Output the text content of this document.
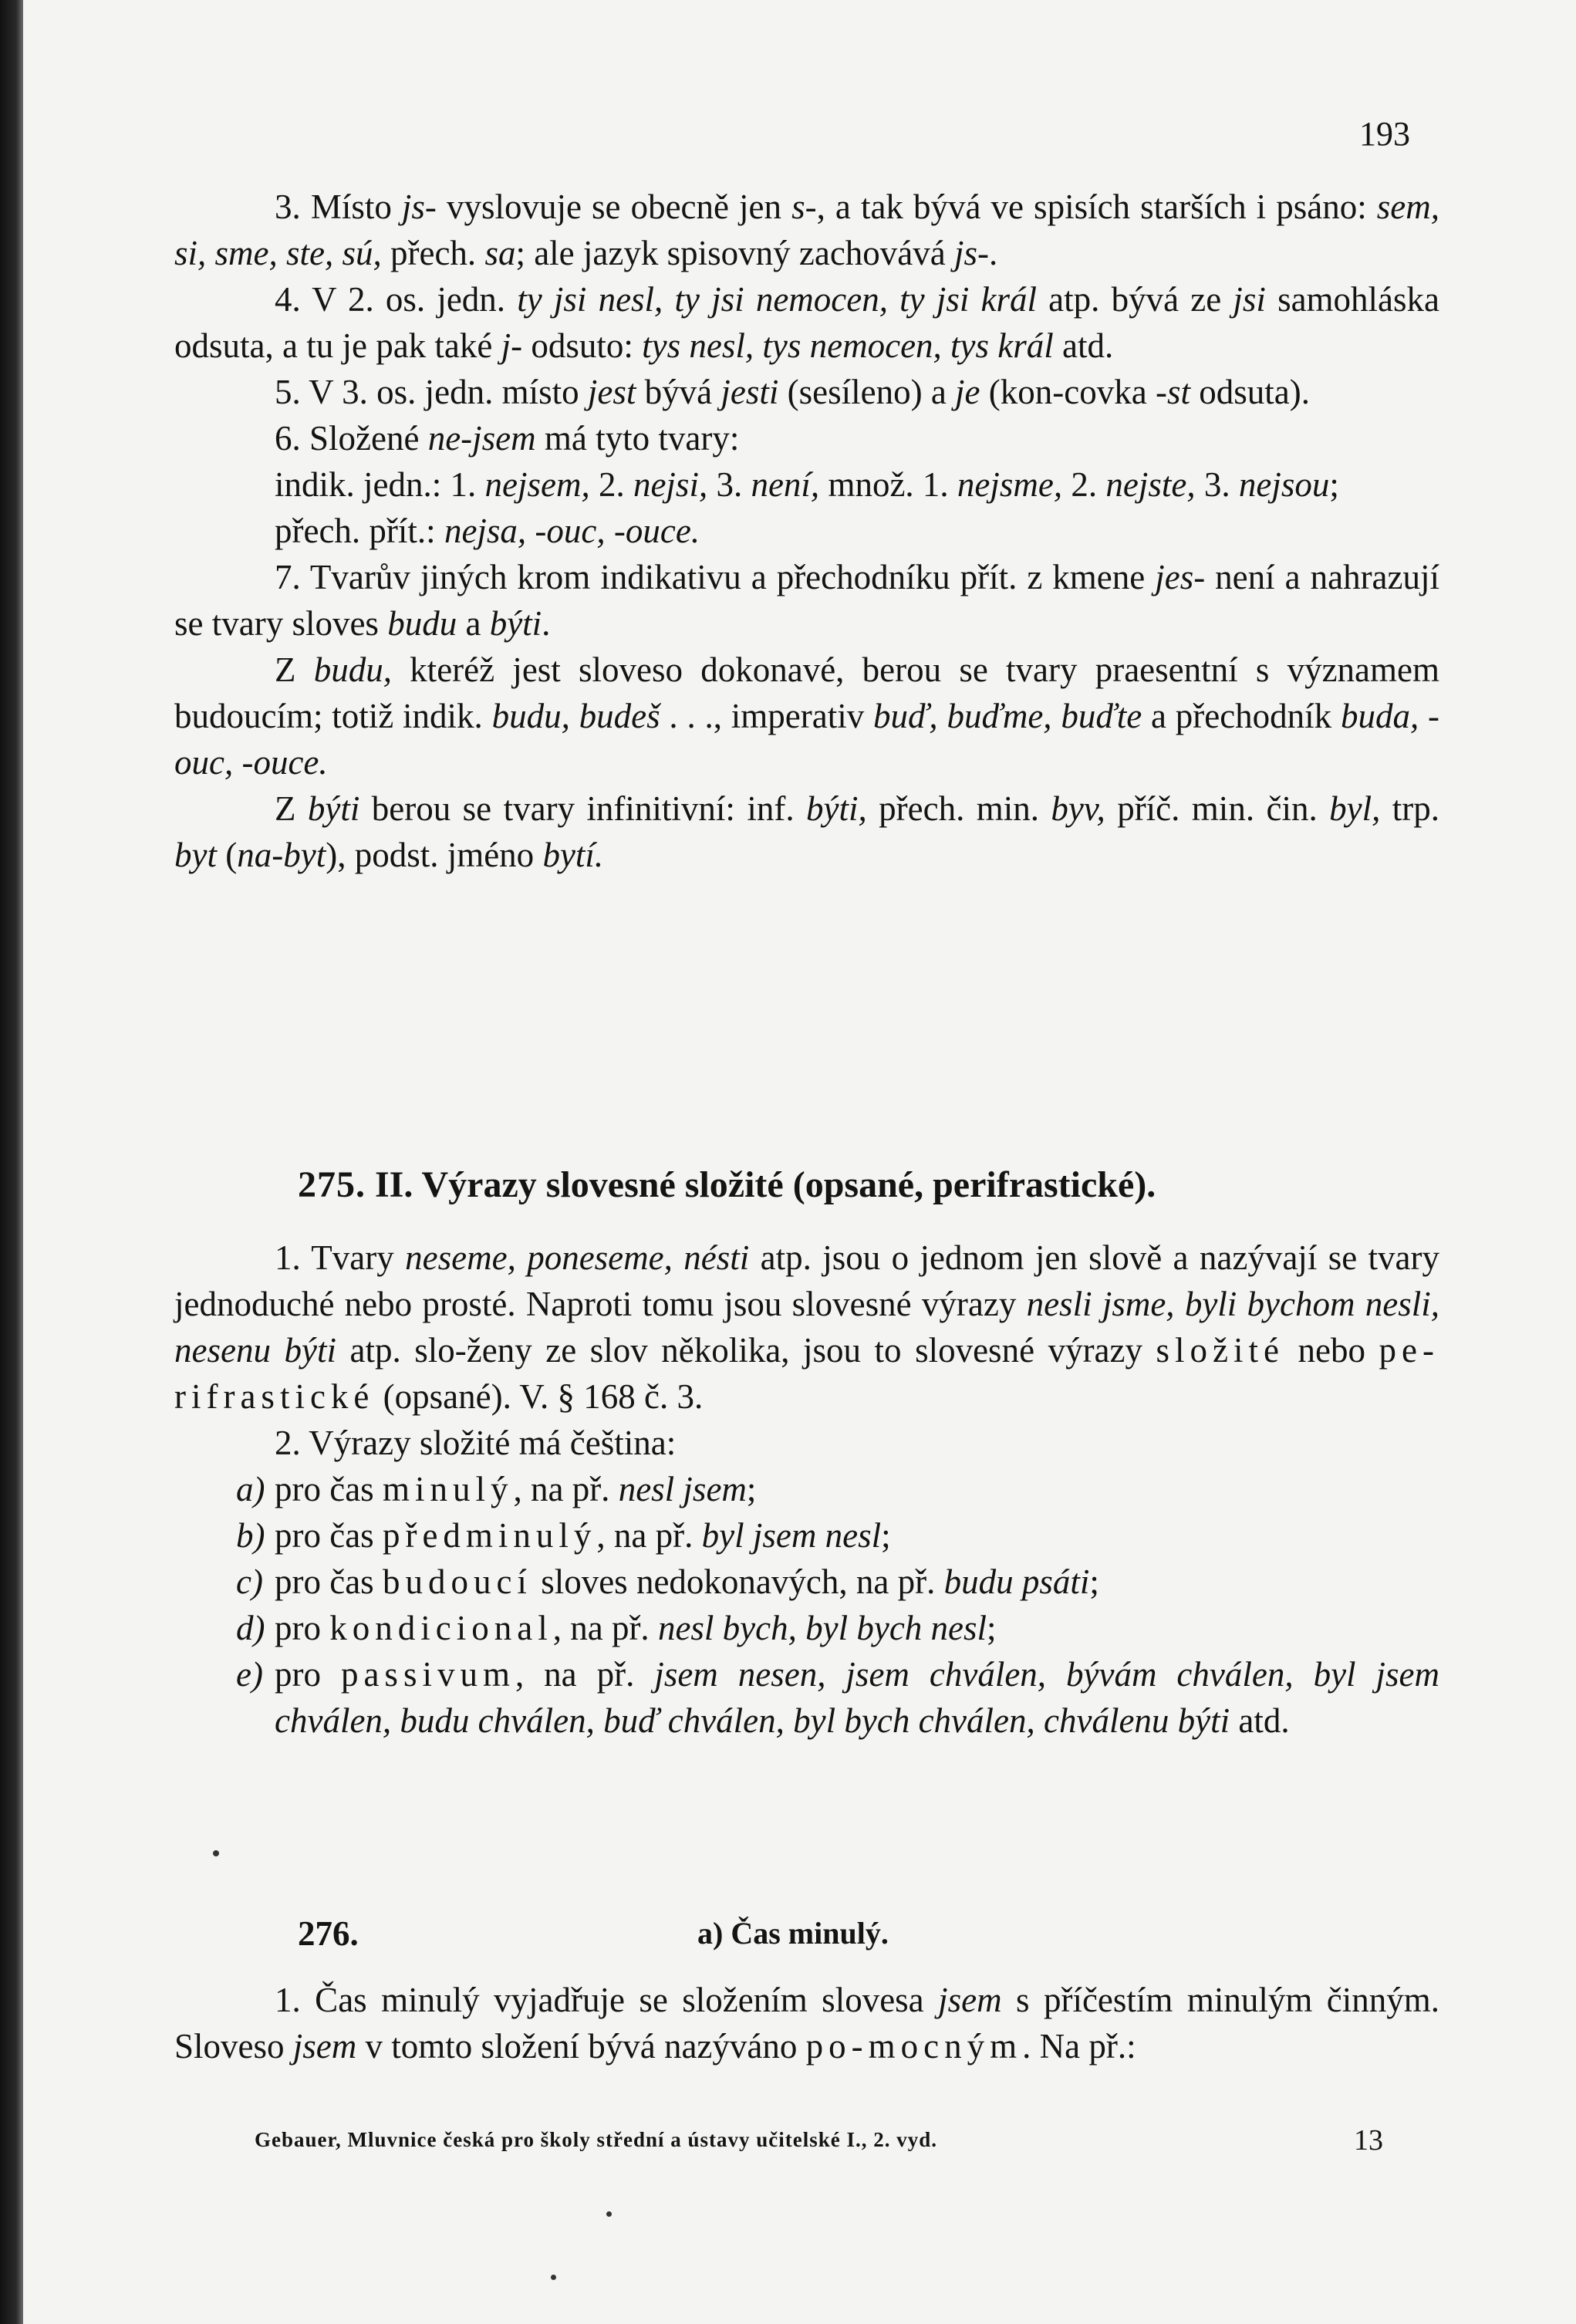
193

3. Místo js- vyslovuje se obecně jen s-, a tak bývá ve spisích starších i psáno: sem, si, sme, ste, sú, přech. sa; ale jazyk spisovný zachovává js-.

4. V 2. os. jedn. ty jsi nesl, ty jsi nemocen, ty jsi král atp. bývá ze jsi samohláska odsuta, a tu je pak také j- odsuto: tys nesl, tys nemocen, tys král atd.

5. V 3. os. jedn. místo jest bývá jesti (sesíleno) a je (kon-covka -st odsuta).

6. Složené ne-jsem má tyto tvary:

indik. jedn.: 1. nejsem, 2. nejsi, 3. není, množ. 1. nejsme, 2. nejste, 3. nejsou;

přech. přít.: nejsa, -ouc, -ouce.

7. Tvarův jiných krom indikativu a přechodníku přít. z kmene jes- není a nahrazují se tvary sloves budu a býti.

Z budu, kteréž jest sloveso dokonavé, berou se tvary praesentní s významem budoucím; totiž indik. budu, budeš . . ., imperativ buď, buďme, buďte a přechodník buda, -ouc, -ouce.

Z býti berou se tvary infinitivní: inf. býti, přech. min. byv, příč. min. čin. byl, trp. byt (na-byt), podst. jméno bytí.

275. II. Výrazy slovesné složité (opsané, perifrastické).

1. Tvary neseme, poneseme, nésti atp. jsou o jednom jen slově a nazývají se tvary jednoduché nebo prosté. Naproti tomu jsou slovesné výrazy nesli jsme, byli bychom nesli, nesenu býti atp. slo-ženy ze slov několika, jsou to slovesné výrazy složité nebo pe-rifrastické (opsané). V. § 168 č. 3.

2. Výrazy složité má čeština:

a) pro čas minulý, na př. nesl jsem;
b) pro čas předminulý, na př. byl jsem nesl;
c) pro čas budoucí sloves nedokonavých, na př. budu psáti;
d) pro kondicional, na př. nesl bych, byl bych nesl;
e) pro passivum, na př. jsem nesen, jsem chválen, bývám chválen, byl jsem chválen, budu chválen, buď chválen, byl bych chválen, chválenu býti atd.
276.	a) Čas minulý.

1. Čas minulý vyjadřuje se složením slovesa jsem s příčestím minulým činným. Sloveso jsem v tomto složení bývá nazýváno po-mocným. Na př.:

Gebauer, Mluvnice česká pro školy střední a ústavy učitelské I., 2. vyd.	13
